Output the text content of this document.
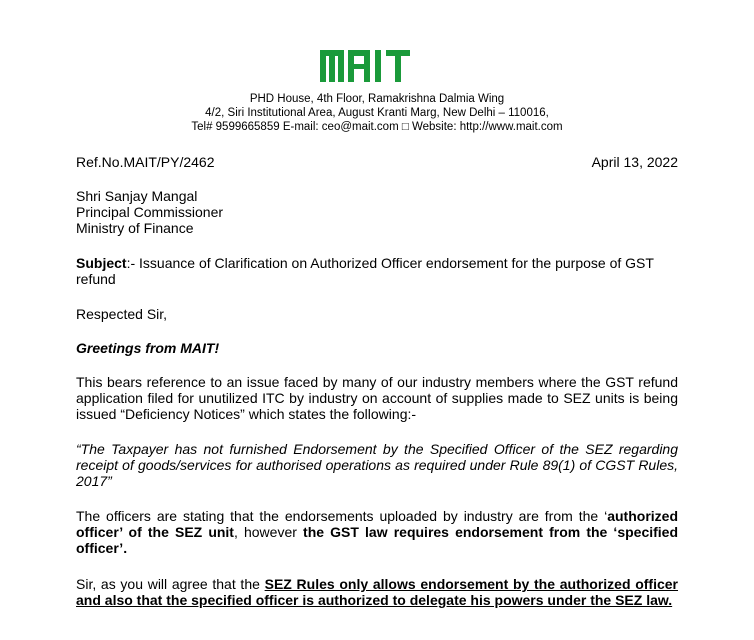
PHD House, 4th Floor, Ramakrishna Dalmia Wing
4/2, Siri Institutional Area, August Kranti Marg, New Delhi – 110016,
Tel# 9599665859 E-mail: ceo@mait.com □ Website: http://www.mait.com
Ref.No.MAIT/PY/2462	April 13, 2022
Shri Sanjay Mangal
Principal Commissioner
Ministry of Finance
Subject:- Issuance of Clarification on Authorized Officer endorsement for the purpose of GST refund
Respected Sir,
Greetings from MAIT!
This bears reference to an issue faced by many of our industry members where the GST refund application filed for unutilized ITC by industry on account of supplies made to SEZ units is being issued “Deficiency Notices” which states the following:-
“The Taxpayer has not furnished Endorsement by the Specified Officer of the SEZ regarding receipt of goods/services for authorised operations as required under Rule 89(1) of CGST Rules, 2017”
The officers are stating that the endorsements uploaded by industry are from the ‘authorized officer’ of the SEZ unit, however the GST law requires endorsement from the ‘specified officer’.
Sir, as you will agree that the SEZ Rules only allows endorsement by the authorized officer and also that the specified officer is authorized to delegate his powers under the SEZ law.
